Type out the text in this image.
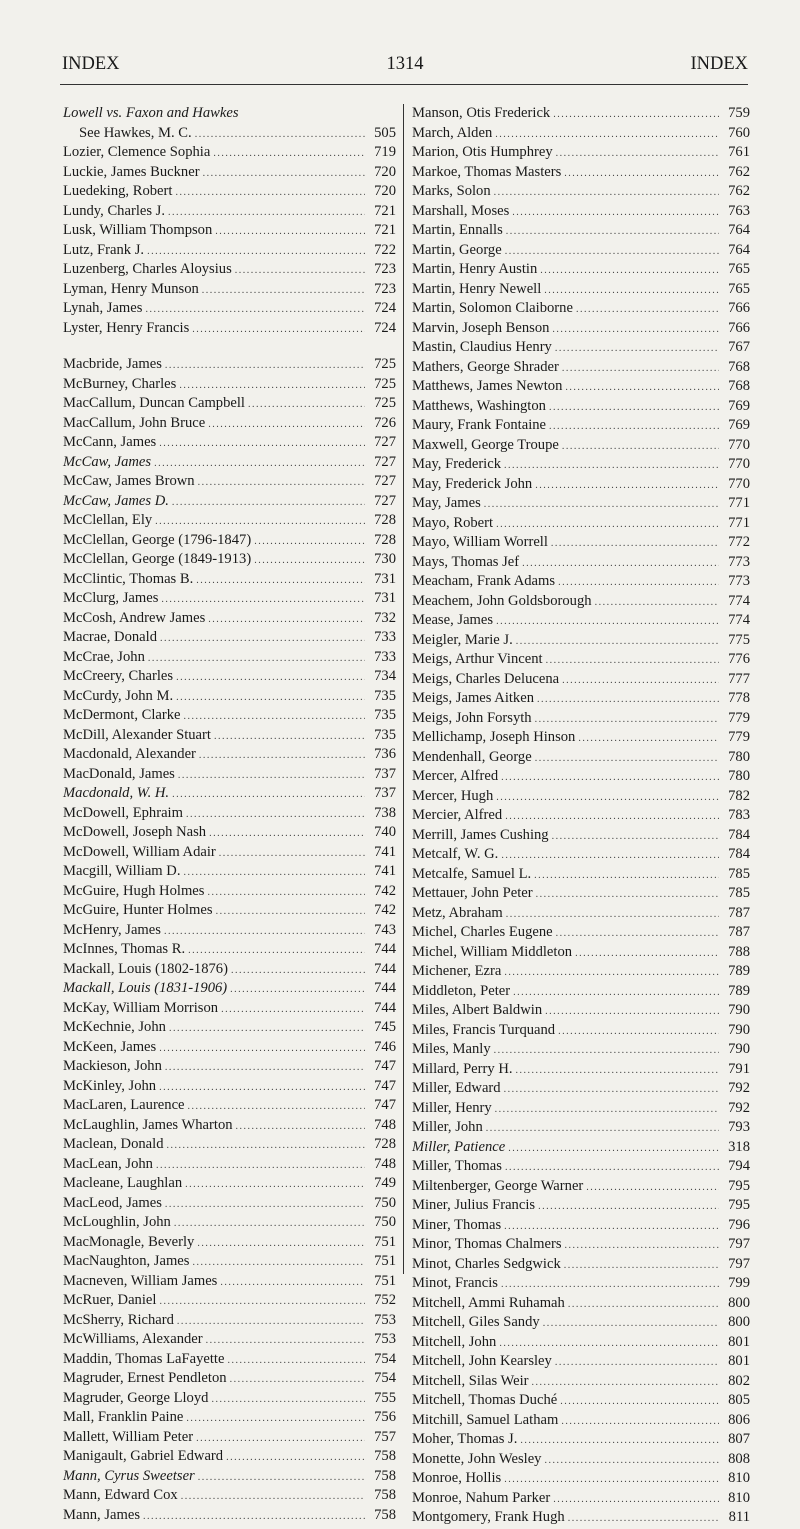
INDEX	1314	INDEX
Lowell vs. Faxon and Hawkes
See Hawkes, M. C. . . .	505
Lozier, Clemence Sophia . . .	719
Luckie, James Buckner . . .	720
Luedeking, Robert . . .	720
Lundy, Charles J. . . .	721
Lusk, William Thompson . . .	721
Lutz, Frank J. . . .	722
Luzenberg, Charles Aloysius . . .	723
Lyman, Henry Munson . . .	723
Lynah, James . . .	724
Lyster, Henry Francis . . .	724
Macbride, James . . .	725
McBurney, Charles . . .	725
MacCallum, Duncan Campbell . . .	725
MacCallum, John Bruce . . .	726
McCann, James . . .	727
McCaw, James . . .	727
McCaw, James Brown . . .	727
McCaw, James D. . . .	727
McClellan, Ely . . .	728
McClellan, George (1796-1847) . . .	728
McClellan, George (1849-1913) . . .	730
McClintic, Thomas B. . . .	731
McClurg, James . . .	731
McCosh, Andrew James . . .	732
Macrae, Donald . . .	733
McCrae, John . . .	733
McCreery, Charles . . .	734
McCurdy, John M. . . .	735
McDermont, Clarke . . .	735
McDill, Alexander Stuart . . .	735
Macdonald, Alexander . . .	736
MacDonald, James . . .	737
Macdonald, W. H. . . .	737
McDowell, Ephraim . . .	738
McDowell, Joseph Nash . . .	740
McDowell, William Adair . . .	741
Macgill, William D. . . .	741
McGuire, Hugh Holmes . . .	742
McGuire, Hunter Holmes . . .	742
McHenry, James . . .	743
McInnes, Thomas R. . . .	744
Mackall, Louis (1802-1876) . . .	744
Mackall, Louis (1831-1906) . . .	744
McKay, William Morrison . . .	744
McKechnie, John . . .	745
McKeen, James . . .	746
Mackieson, John . . .	747
McKinley, John . . .	747
MacLaren, Laurence . . .	747
McLaughlin, James Wharton . . .	748
Maclean, Donald . . .	728
MacLean, John . . .	748
Macleane, Laughlan . . .	749
MacLeod, James . . .	750
McLoughlin, John . . .	750
MacMonagle, Beverly . . .	751
MacNaughton, James . . .	751
Macneven, William James . . .	751
McRuer, Daniel . . .	752
McSherry, Richard . . .	753
McWilliams, Alexander . . .	753
Maddin, Thomas LaFayette . . .	754
Magruder, Ernest Pendleton . . .	754
Magruder, George Lloyd . . .	755
Mall, Franklin Paine . . .	756
Mallett, William Peter . . .	757
Manigault, Gabriel Edward . . .	758
Mann, Cyrus Sweetser . . .	758
Mann, Edward Cox . . .	758
Mann, James . . .	758
Manson, Otis Frederick . . .	759
March, Alden . . .	760
Marion, Otis Humphrey . . .	761
Markoe, Thomas Masters . . .	762
Marks, Solon . . .	762
Marshall, Moses . . .	763
Martin, Ennalls . . .	764
Martin, George . . .	764
Martin, Henry Austin . . .	765
Martin, Henry Newell . . .	765
Martin, Solomon Claiborne . . .	766
Marvin, Joseph Benson . . .	766
Mastin, Claudius Henry . . .	767
Mathers, George Shrader . . .	768
Matthews, James Newton . . .	768
Matthews, Washington . . .	769
Maury, Frank Fontaine . . .	769
Maxwell, George Troupe . . .	770
May, Frederick . . .	770
May, Frederick John . . .	770
May, James . . .	771
Mayo, Robert . . .	771
Mayo, William Worrell . . .	772
Mays, Thomas Jef . . .	773
Meacham, Frank Adams . . .	773
Meachem, John Goldsborough . . .	774
Mease, James . . .	774
Meigler, Marie J. . . .	775
Meigs, Arthur Vincent . . .	776
Meigs, Charles Delucena . . .	777
Meigs, James Aitken . . .	778
Meigs, John Forsyth . . .	779
Mellichamp, Joseph Hinson . . .	779
Mendenhall, George . . .	780
Mercer, Alfred . . .	780
Mercer, Hugh . . .	782
Mercier, Alfred . . .	783
Merrill, James Cushing . . .	784
Metcalf, W. G. . . .	784
Metcalfe, Samuel L. . . .	785
Mettauer, John Peter . . .	785
Metz, Abraham . . .	787
Michel, Charles Eugene . . .	787
Michel, William Middleton . . .	788
Michener, Ezra . . .	789
Middleton, Peter . . .	789
Miles, Albert Baldwin . . .	790
Miles, Francis Turquand . . .	790
Miles, Manly . . .	790
Millard, Perry H. . . .	791
Miller, Edward . . .	792
Miller, Henry . . .	792
Miller, John . . .	793
Miller, Patience . . .	318
Miller, Thomas . . .	794
Miltenberger, George Warner . . .	795
Miner, Julius Francis . . .	795
Miner, Thomas . . .	796
Minor, Thomas Chalmers . . .	797
Minot, Charles Sedgwick . . .	797
Minot, Francis . . .	799
Mitchell, Ammi Ruhamah . . .	800
Mitchell, Giles Sandy . . .	800
Mitchell, John . . .	801
Mitchell, John Kearsley . . .	801
Mitchell, Silas Weir . . .	802
Mitchell, Thomas Duché . . .	805
Mitchill, Samuel Latham . . .	806
Moher, Thomas J. . . .	807
Monette, John Wesley . . .	808
Monroe, Hollis . . .	810
Monroe, Nahum Parker . . .	810
Montgomery, Frank Hugh . . .	811
